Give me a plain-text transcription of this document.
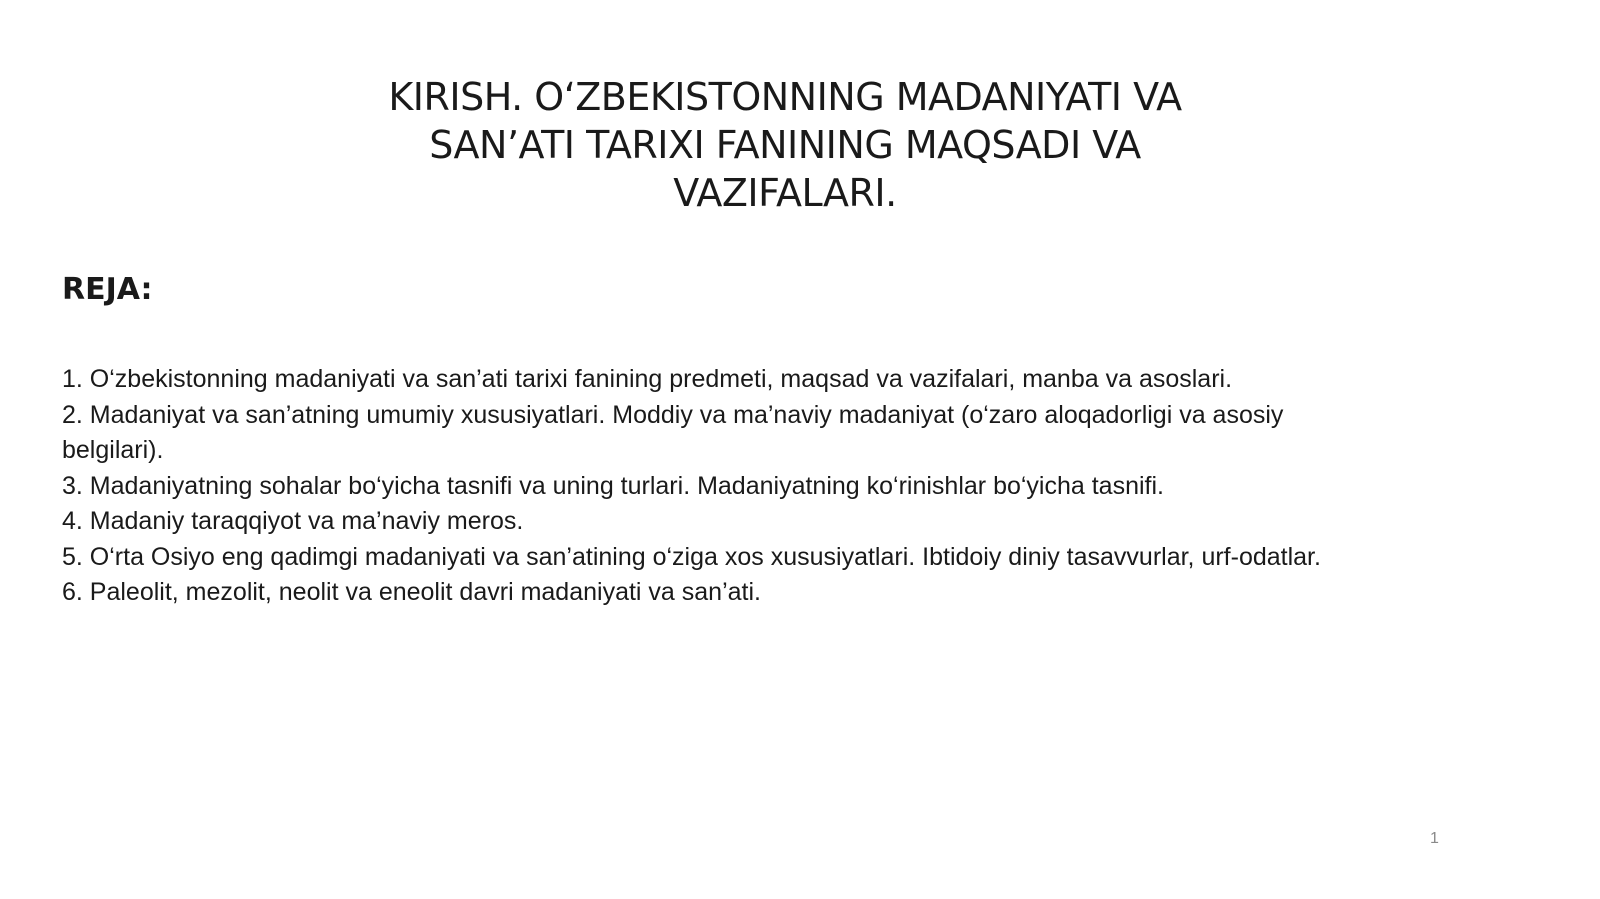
KIRISH. O‘ZBEKISTONNING MADANIYATI VA
SAN’ATI TARIXI FANINING MAQSADI VA
VAZIFALARI.
REJA:

1. O‘zbekistonning madaniyati va san’ati tarixi fanining predmeti, maqsad va vazifalari, manba va asoslari.

2. Madaniyat va san’atning umumiy xususiyatlari. Moddiy va ma’naviy madaniyat (o‘zaro aloqadorligi va asosiy belgilari).

3. Madaniyatning sohalar bo‘yicha tasnifi va uning turlari. Madaniyatning ko‘rinishlar bo‘yicha tasnifi.

4. Madaniy taraqqiyot va ma’naviy meros.

5. O‘rta Osiyo eng qadimgi madaniyati va san’atining o‘ziga xos xususiyatlari. Ibtidoiy diniy tasavvurlar, urf-odatlar.

6. Paleolit, mezolit, neolit va eneolit davri madaniyati va san’ati.

1
